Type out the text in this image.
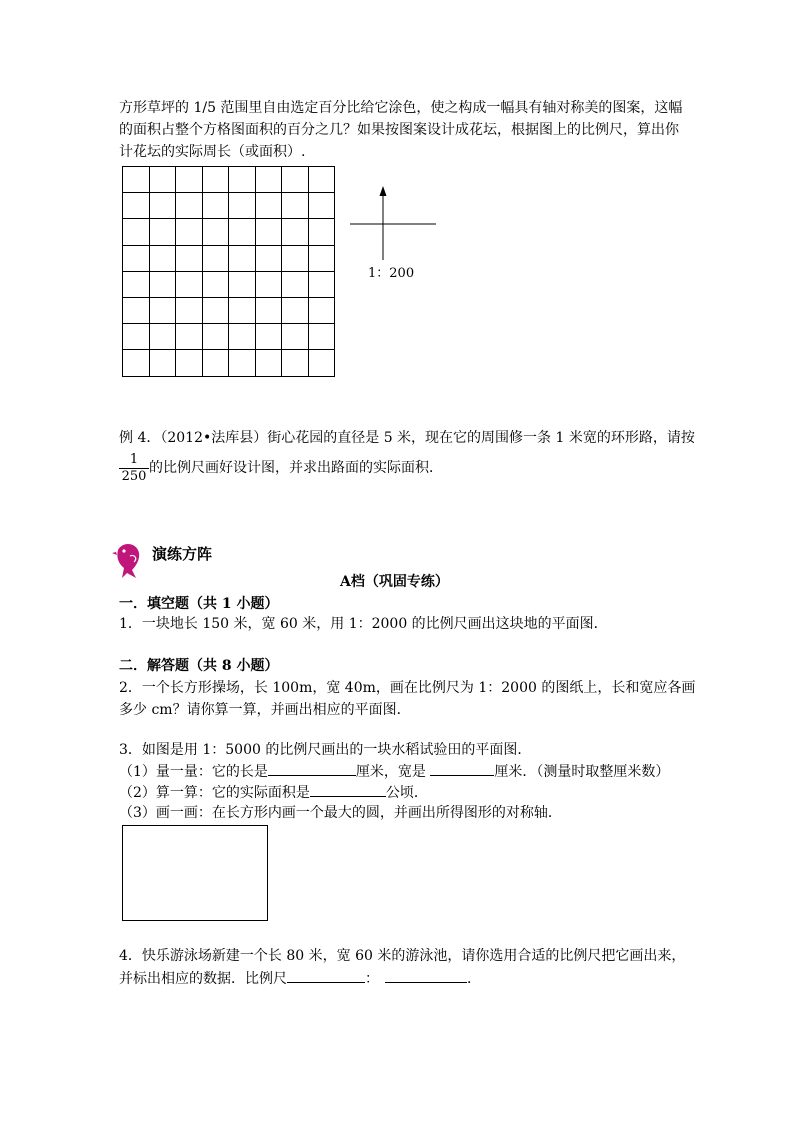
方形草坪的 1/5 范围里自由选定百分比给它涂色，使之构成一幅具有轴对称美的图案，这幅
的面积占整个方格图面积的百分之几？如果按图案设计成花坛，根据图上的比例尺，算出你
计花坛的实际周长（或面积）.

1：200
例 4．（2012•法库县）街心花园的直径是 5 米，现在它的周围修一条 1 米宽的环形路，请按
$\frac{1}{250}$ 的比例尺画好设计图，并求出路面的实际面积．
演练方阵
A档（巩固专练）
一．填空题（共 1 小题）
1．一块地长 150 米，宽 60 米，用 1：2000 的比例尺画出这块地的平面图．
二．解答题（共 8 小题）
2．一个长方形操场，长 100m，宽 40m，画在比例尺为 1：2000 的图纸上，长和宽应各画
多少 cm？请你算一算，并画出相应的平面图．
3．如图是用 1：5000 的比例尺画出的一块水稻试验田的平面图．
（1）量一量：它的长是	厘米，宽是	厘米．（测量时取整厘米数）
（2）算一算：它的实际面积是	公顷．
（3）画一画：在长方形内画一个最大的圆，并画出所得图形的对称轴．
4．快乐游泳场新建一个长 80 米，宽 60 米的游泳池，请你选用合适的比例尺把它画出来，
并标出相应的数据．比例尺	：	．
